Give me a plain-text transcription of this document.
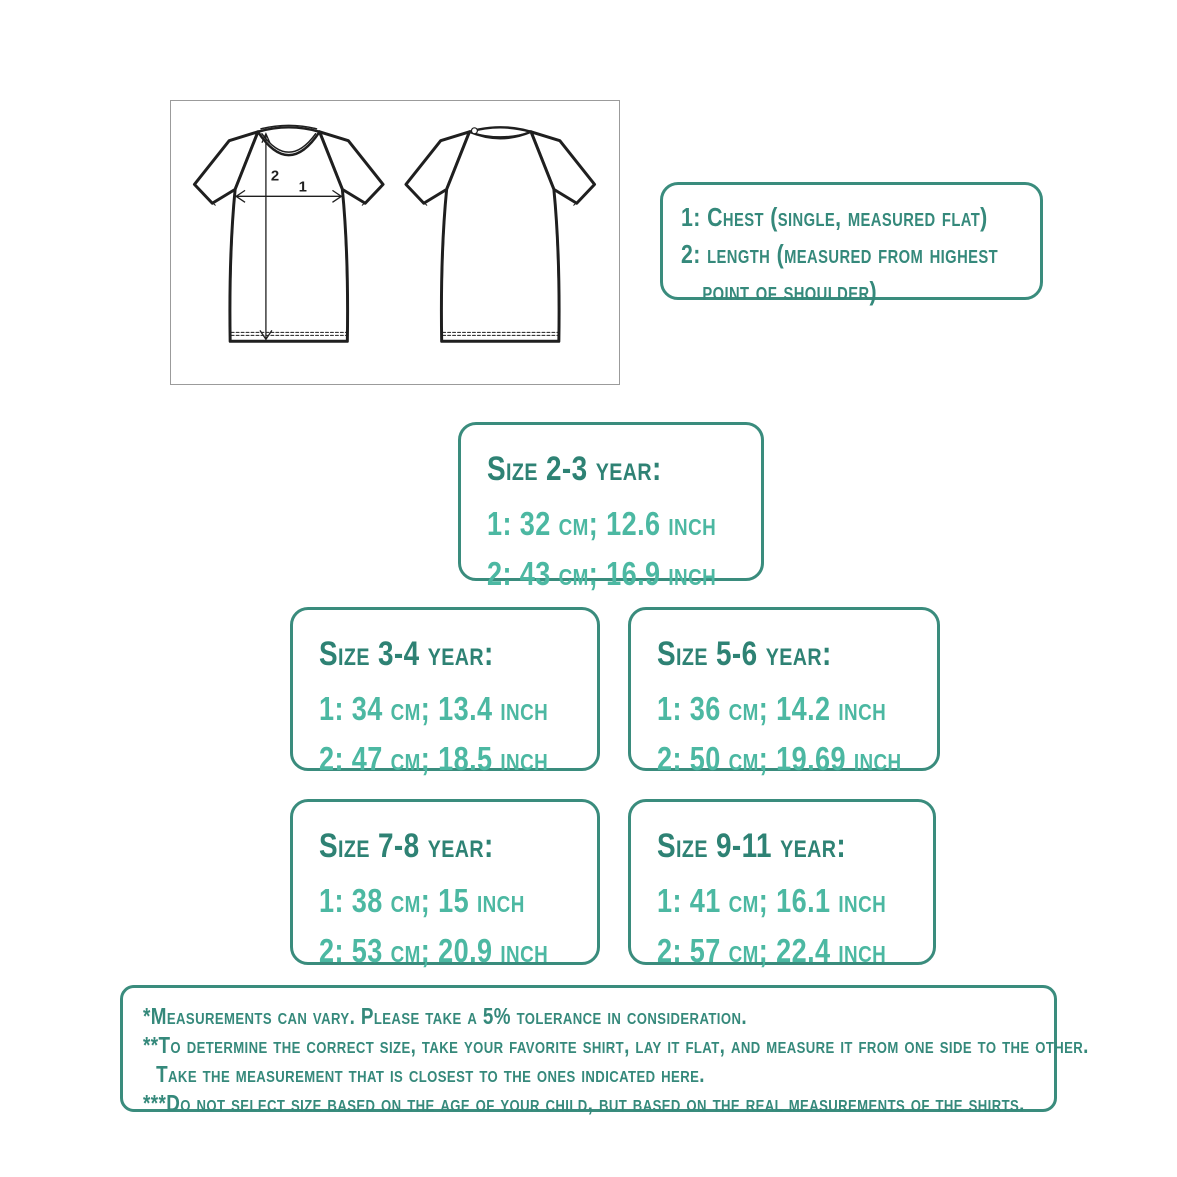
2
1
1: Chest (single, measured flat)
2: length (measured from highest
point of shoulder)
Size 2-3 year:
1: 32 cm; 12.6 inch
2: 43 cm; 16.9 inch
Size 3-4 year:
1: 34 cm; 13.4 inch
2: 47 cm; 18.5 inch
Size 5-6 year:
1: 36 cm; 14.2 inch
2: 50 cm; 19.69 inch
Size 7-8 year:
1: 38 cm; 15 inch
2: 53 cm; 20.9 inch
Size 9-11 year:
1: 41 cm; 16.1 inch
2: 57 cm; 22.4 inch
*Measurements can vary. Please take a 5% tolerance in consideration.
**To determine the correct size, take your favorite shirt, lay it flat, and measure it from one side to the other.
Take the measurement that is closest to the ones indicated here.
***Do not select size based on the age of your child, but based on the real measurements of the shirts.
